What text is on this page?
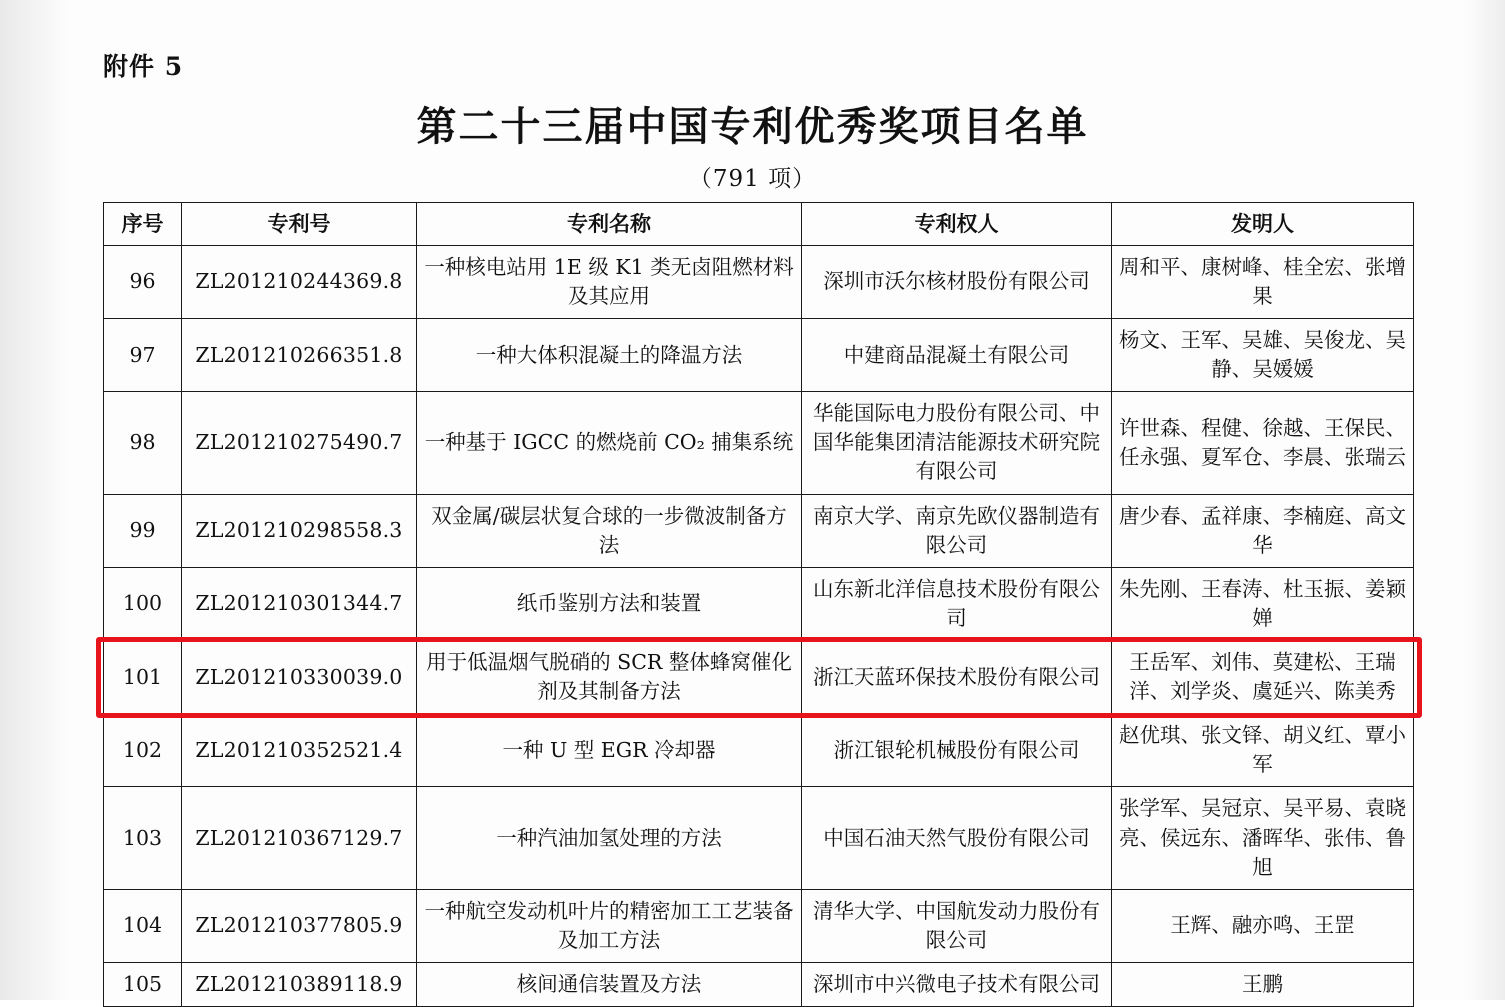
附件 5
第二十三届中国专利优秀奖项目名单
（791 项）
序号	专利号	专利名称	专利权人	发明人
96	ZL201210244369.8	一种核电站用 1E 级 K1 类无卤阻燃材料及其应用	深圳市沃尔核材股份有限公司	周和平、康树峰、桂全宏、张增果
97	ZL201210266351.8	一种大体积混凝土的降温方法	中建商品混凝土有限公司	杨文、王军、吴雄、吴俊龙、吴静、吴媛媛
98	ZL201210275490.7	一种基于 IGCC 的燃烧前 CO₂ 捕集系统	华能国际电力股份有限公司、中国华能集团清洁能源技术研究院有限公司	许世森、程健、徐越、王保民、任永强、夏军仓、李晨、张瑞云
99	ZL201210298558.3	双金属/碳层状复合球的一步微波制备方法	南京大学、南京先欧仪器制造有限公司	唐少春、孟祥康、李楠庭、高文华
100	ZL201210301344.7	纸币鉴别方法和装置	山东新北洋信息技术股份有限公司	朱先刚、王春涛、杜玉振、姜颖婵
101	ZL201210330039.0	用于低温烟气脱硝的 SCR 整体蜂窝催化剂及其制备方法	浙江天蓝环保技术股份有限公司	王岳军、刘伟、莫建松、王瑞洋、刘学炎、虞延兴、陈美秀
102	ZL201210352521.4	一种 U 型 EGR 冷却器	浙江银轮机械股份有限公司	赵优琪、张文铎、胡义红、覃小军
103	ZL201210367129.7	一种汽油加氢处理的方法	中国石油天然气股份有限公司	张学军、吴冠京、吴平易、袁晓亮、侯远东、潘晖华、张伟、鲁旭
104	ZL201210377805.9	一种航空发动机叶片的精密加工工艺装备及加工方法	清华大学、中国航发动力股份有限公司	王辉、融亦鸣、王罡
105	ZL201210389118.9	核间通信装置及方法	深圳市中兴微电子技术有限公司	王鹏
